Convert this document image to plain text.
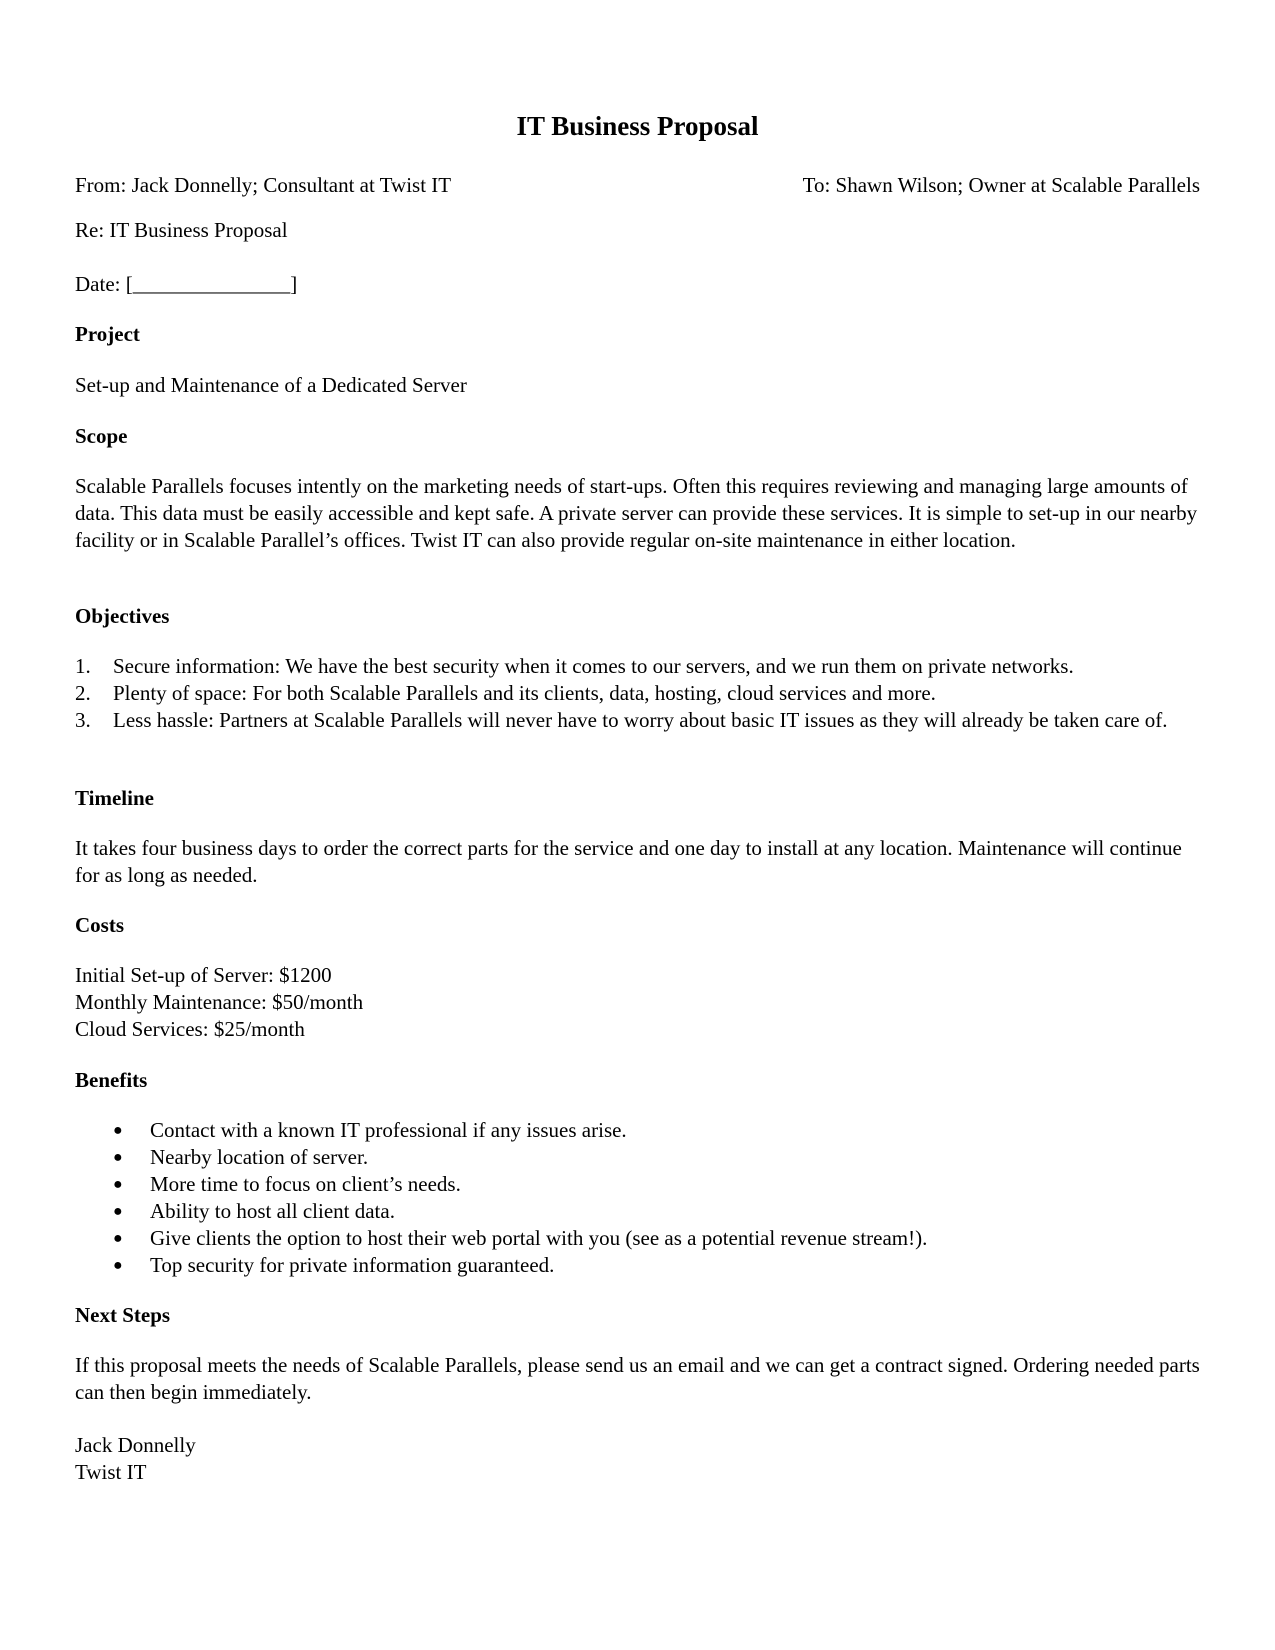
IT Business Proposal
From: Jack Donnelly; Consultant at Twist IT	To: Shawn Wilson; Owner at Scalable Parallels
Re: IT Business Proposal
Date: [_______________]
Project
Set-up and Maintenance of a Dedicated Server
Scope
Scalable Parallels focuses intently on the marketing needs of start-ups. Often this requires reviewing and managing large amounts of data. This data must be easily accessible and kept safe. A private server can provide these services. It is simple to set-up in our nearby facility or in Scalable Parallel’s offices. Twist IT can also provide regular on-site maintenance in either location.
Objectives
1. Secure information: We have the best security when it comes to our servers, and we run them on private networks.
2. Plenty of space: For both Scalable Parallels and its clients, data, hosting, cloud services and more.
3. Less hassle: Partners at Scalable Parallels will never have to worry about basic IT issues as they will already be taken care of.
Timeline
It takes four business days to order the correct parts for the service and one day to install at any location. Maintenance will continue for as long as needed.
Costs
Initial Set-up of Server: $1200
Monthly Maintenance: $50/month
Cloud Services: $25/month
Benefits
● Contact with a known IT professional if any issues arise.
● Nearby location of server.
● More time to focus on client’s needs.
● Ability to host all client data.
● Give clients the option to host their web portal with you (see as a potential revenue stream!).
● Top security for private information guaranteed.
Next Steps
If this proposal meets the needs of Scalable Parallels, please send us an email and we can get a contract signed. Ordering needed parts can then begin immediately.
Jack Donnelly
Twist IT
